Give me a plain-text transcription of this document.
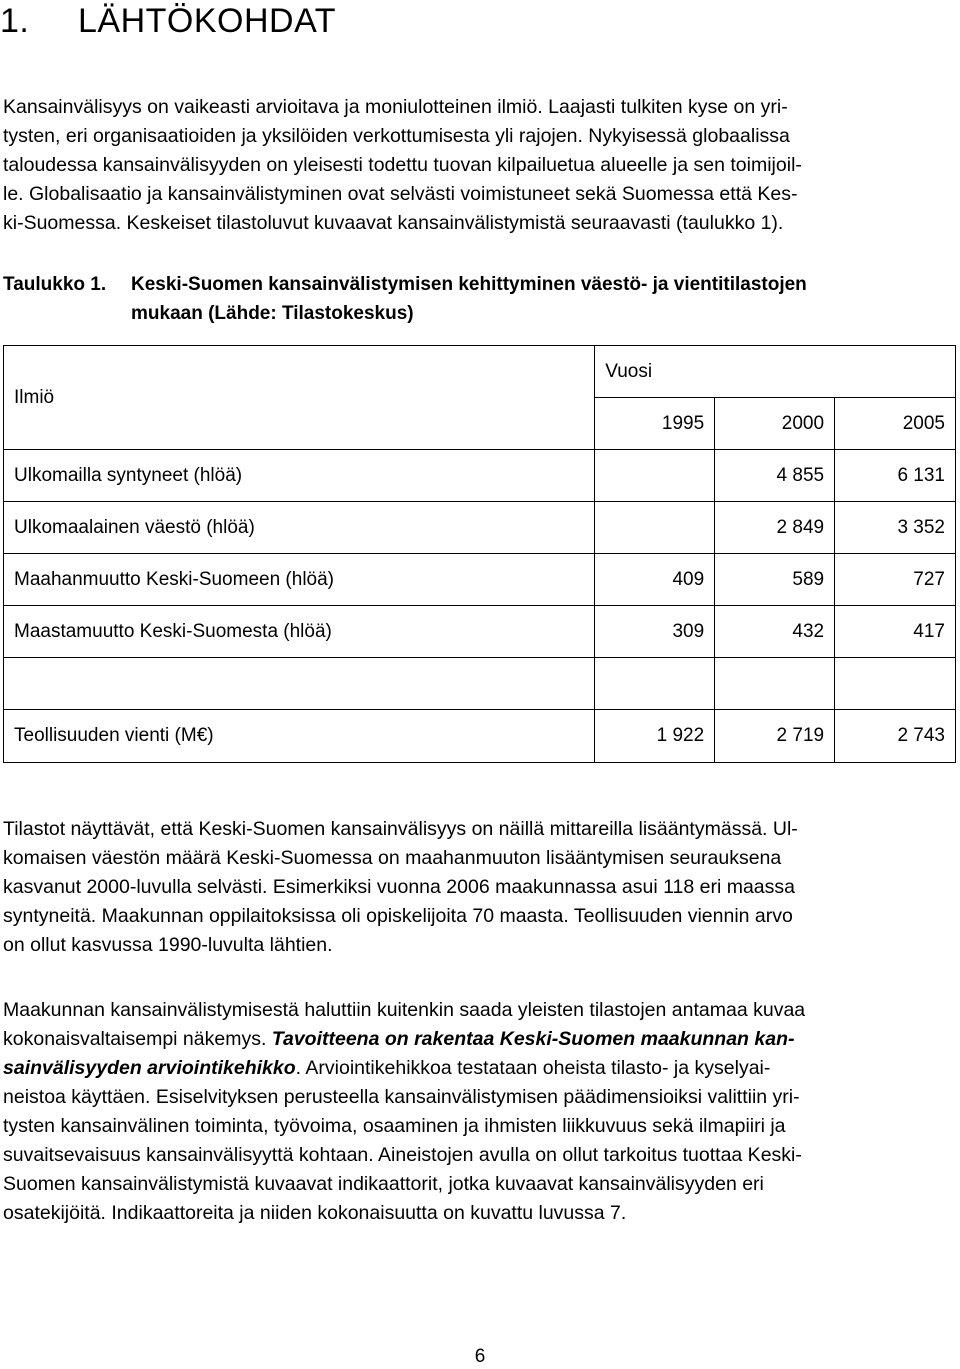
1. LÄHTÖKOHDAT

Kansainvälisyys on vaikeasti arvioitava ja moniulotteinen ilmiö. Laajasti tulkiten kyse on yri-

tysten, eri organisaatioiden ja yksilöiden verkottumisesta yli rajojen. Nykyisessä globaalissa

taloudessa kansainvälisyyden on yleisesti todettu tuovan kilpailuetua alueelle ja sen toimijoil-

le. Globalisaatio ja kansainvälistyminen ovat selvästi voimistuneet sekä Suomessa että Kes-

ki-Suomessa. Keskeiset tilastoluvut kuvaavat kansainvälistymistä seuraavasti (taulukko 1).

Taulukko 1. Keski-Suomen kansainvälistymisen kehittyminen väestö- ja vientitilastojen
mukaan (Lähde: Tilastokeskus)
Ilmiö	Vuosi		
	1995	2000	2005
Ulkomailla syntyneet (hlöä)		4 855	6 131
Ulkomaalainen väestö (hlöä)		2 849	3 352
Maahanmuutto Keski-Suomeen (hlöä)	409	589	727
Maastamuutto Keski-Suomesta (hlöä)	309	432	417

Teollisuuden vienti (M€)	1 922	2 719	2 743

Tilastot näyttävät, että Keski-Suomen kansainvälisyys on näillä mittareilla lisääntymässä. Ul-

komaisen väestön määrä Keski-Suomessa on maahanmuuton lisääntymisen seurauksena

kasvanut 2000-luvulla selvästi. Esimerkiksi vuonna 2006 maakunnassa asui 118 eri maassa

syntyneitä. Maakunnan oppilaitoksissa oli opiskelijoita 70 maasta. Teollisuuden viennin arvo

on ollut kasvussa 1990-luvulta lähtien.

Maakunnan kansainvälistymisestä haluttiin kuitenkin saada yleisten tilastojen antamaa kuvaa

kokonaisvaltaisempi näkemys. Tavoitteena on rakentaa Keski-Suomen maakunnan kan-

sainvälisyyden arviointikehikko. Arviointikehikkoa testataan oheista tilasto- ja kyselyai-

neistoa käyttäen. Esiselvityksen perusteella kansainvälistymisen päädimensioiksi valittiin yri-

tysten kansainvälinen toiminta, työvoima, osaaminen ja ihmisten liikkuvuus sekä ilmapiiri ja

suvaitsevaisuus kansainvälisyyttä kohtaan. Aineistojen avulla on ollut tarkoitus tuottaa Keski-

Suomen kansainvälistymistä kuvaavat indikaattorit, jotka kuvaavat kansainvälisyyden eri

osatekijöitä. Indikaattoreita ja niiden kokonaisuutta on kuvattu luvussa 7.

6
